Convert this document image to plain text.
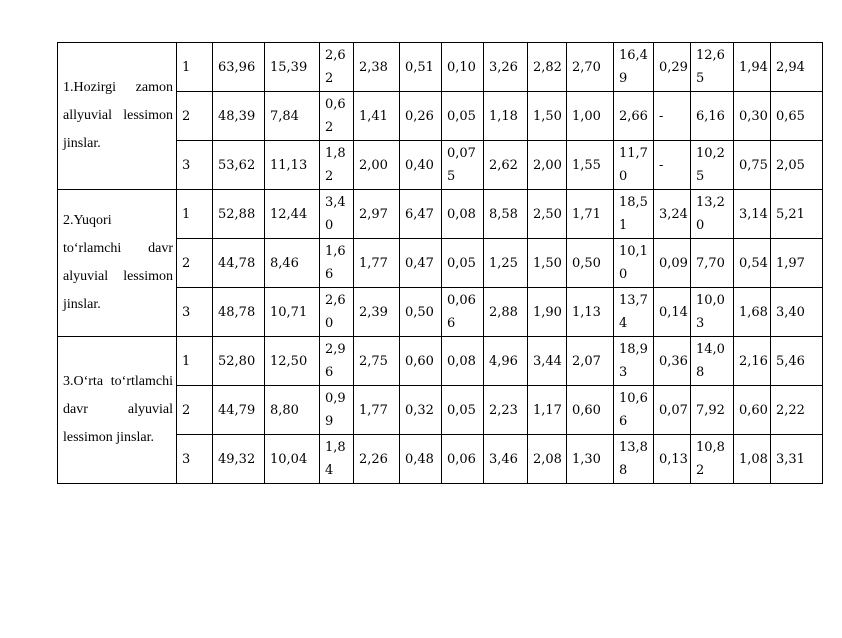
1.Hozirgi zamon allyuvial lessimon jinslar.	1	63,96	15,39	2,62	2,38	0,51	0,10	3,26	2,82	2,70	16,49	0,29	12,65	1,94	2,94
	2	48,39	7,84	0,62	1,41	0,26	0,05	1,18	1,50	1,00	2,66	-	6,16	0,30	0,65
	3	53,62	11,13	1,82	2,00	0,40	0,075	2,62	2,00	1,55	11,70	-	10,25	0,75	2,05
2.Yuqori toʻrlamchi davr alyuvial lessimon jinslar.	1	52,88	12,44	3,40	2,97	6,47	0,08	8,58	2,50	1,71	18,51	3,24	13,20	3,14	5,21
	2	44,78	8,46	1,66	1,77	0,47	0,05	1,25	1,50	0,50	10,10	0,09	7,70	0,54	1,97
	3	48,78	10,71	2,60	2,39	0,50	0,066	2,88	1,90	1,13	13,74	0,14	10,03	1,68	3,40
3.Oʻrta toʻrtlamchi davr alyuvial lessimon jinslar.	1	52,80	12,50	2,96	2,75	0,60	0,08	4,96	3,44	2,07	18,93	0,36	14,08	2,16	5,46
	2	44,79	8,80	0,99	1,77	0,32	0,05	2,23	1,17	0,60	10,66	0,07	7,92	0,60	2,22
	3	49,32	10,04	1,84	2,26	0,48	0,06	3,46	2,08	1,30	13,88	0,13	10,82	1,08	3,31
